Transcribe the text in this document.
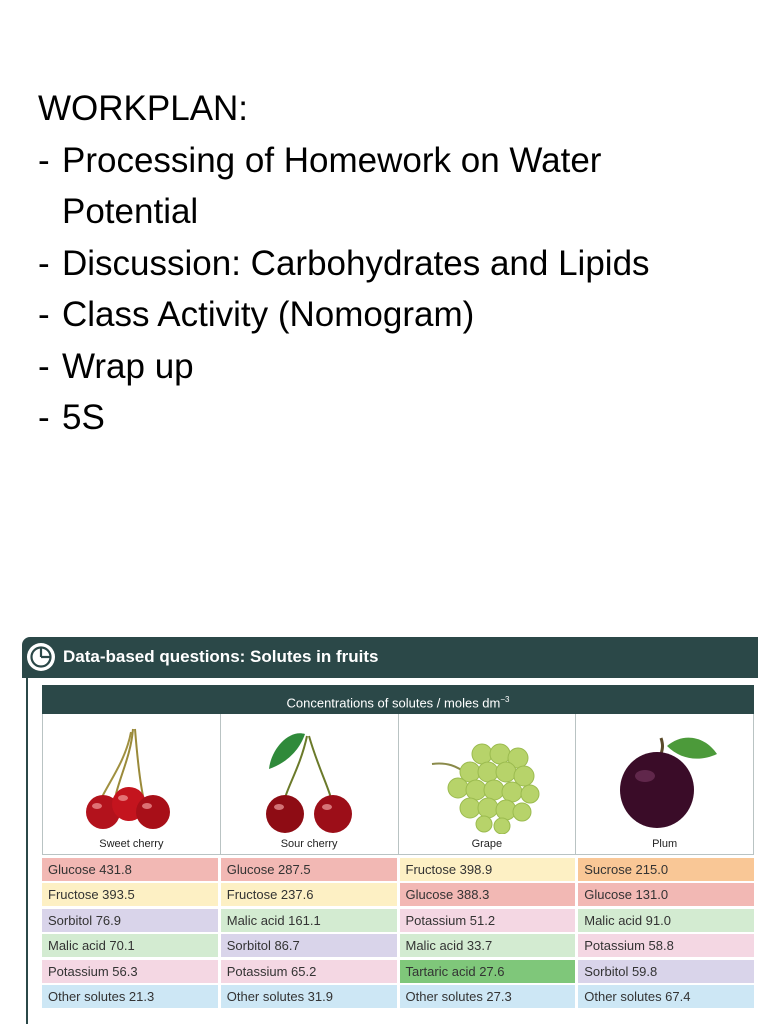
WORKPLAN:
- Processing of Homework on Water Potential
- Discussion: Carbohydrates and Lipids
- Class Activity (Nomogram)
- Wrap up
- 5S
Data-based questions: Solutes in fruits
Concentrations of solutes / moles $dm^{-3}$
Sweet cherry	Sour cherry	Grape	Plum
Glucose 431.8	Glucose 287.5	Fructose 398.9	Sucrose 215.0
Fructose 393.5	Fructose 237.6	Glucose 388.3	Glucose 131.0
Sorbitol 76.9	Malic acid 161.1	Potassium 51.2	Malic acid 91.0
Malic acid 70.1	Sorbitol 86.7	Malic acid 33.7	Potassium 58.8
Potassium 56.3	Potassium 65.2	Tartaric acid 27.6	Sorbitol 59.8
Other solutes 21.3	Other solutes 31.9	Other solutes 27.3	Other solutes 67.4
